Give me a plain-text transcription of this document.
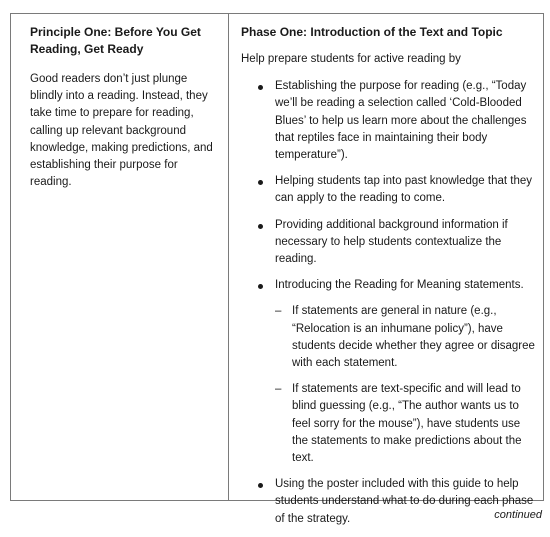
Principle One: Before You Get Reading, Get Ready

Good readers don’t just plunge blindly into a reading. Instead, they take time to prepare for reading, calling up relevant background knowledge, making predictions, and establishing their purpose for reading.

Phase One: Introduction of the Text and Topic

Help prepare students for active reading by

Establishing the purpose for reading (e.g., “Today we’ll be reading a selection called ‘Cold-Blooded Blues’ to help us learn more about the challenges that reptiles face in maintaining their body temperature”).
Helping students tap into past knowledge that they can apply to the reading to come.
Providing additional background information if necessary to help students contextualize the reading.
Introducing the Reading for Meaning statements.
– If statements are general in nature (e.g., “Relocation is an inhumane policy”), have students decide whether they agree or disagree with each statement.
– If statements are text-specific and will lead to blind guessing (e.g., “The author wants us to feel sorry for the mouse”), have students use the statements to make predictions about the text.
Using the poster included with this guide to help students understand what to do during each phase of the strategy.	continued
